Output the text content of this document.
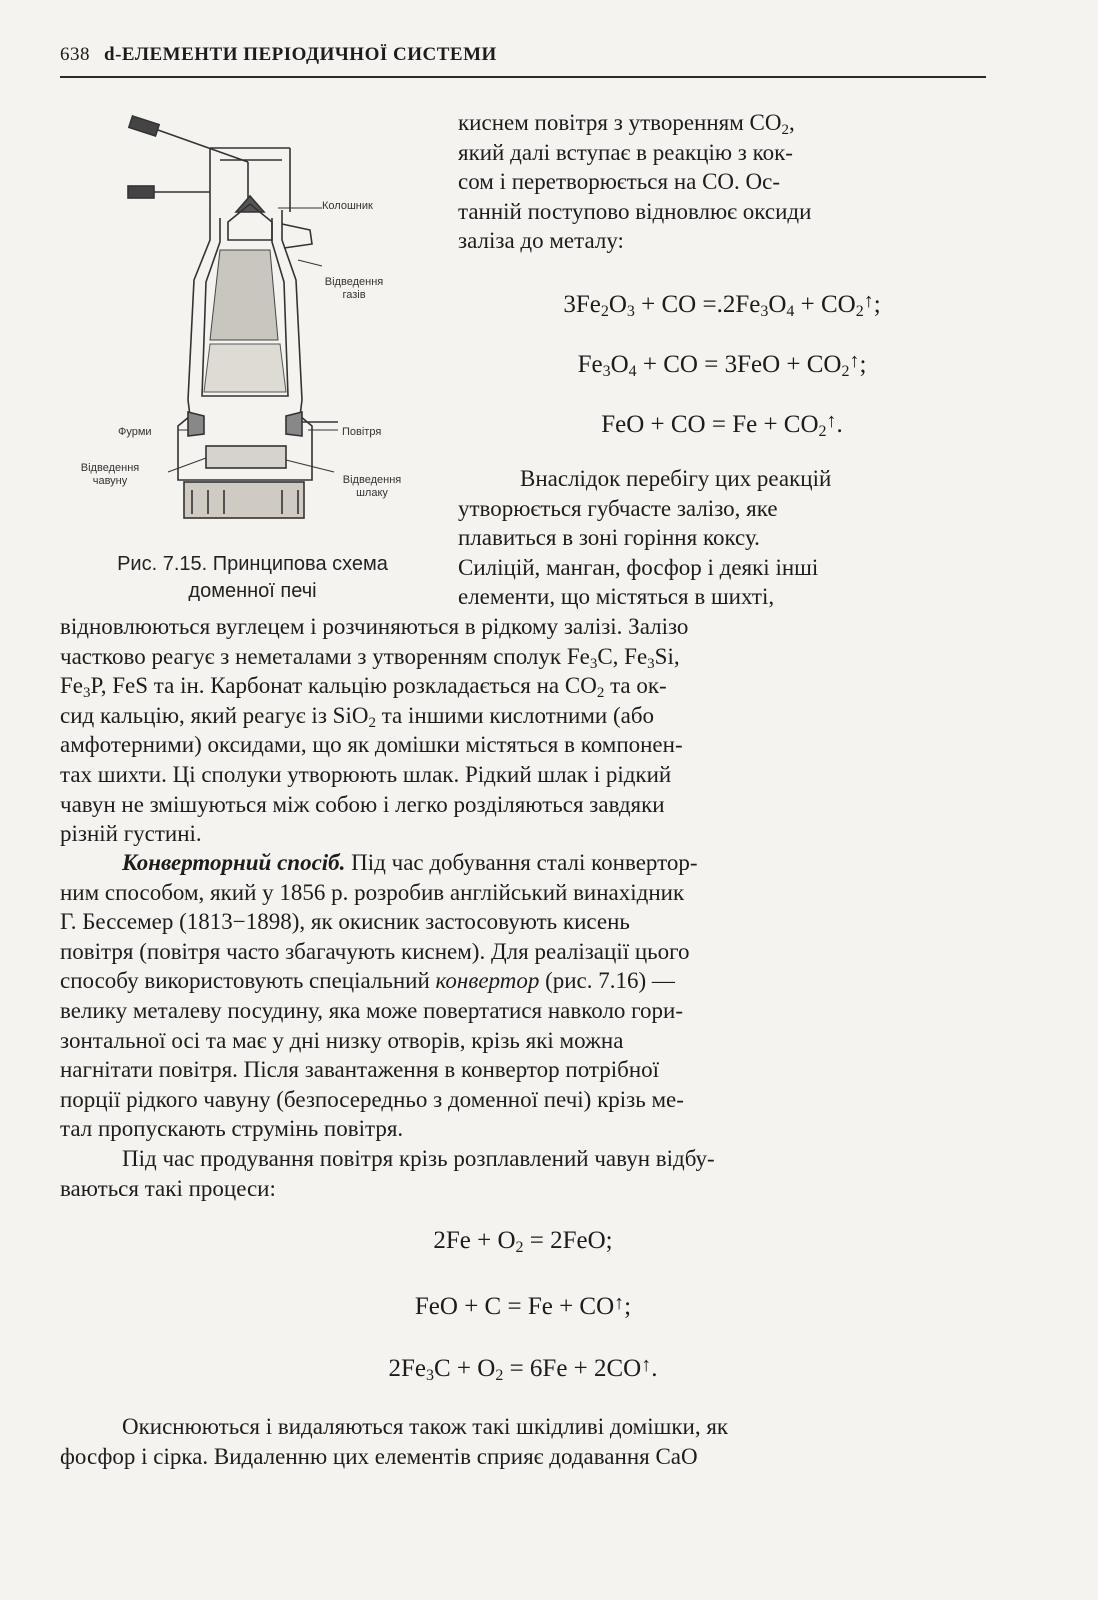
638 d-ЕЛЕМЕНТИ ПЕРІОДИЧНОЇ СИСТЕМИ
Колошник
Відведення
газів
Фурми	Повітря
Відведення
чавуну	Відведення
шлаку
Рис. 7.15. Принципова схема
доменної печі
киснем повітря з утворенням $CO_2$,
який далі вступає в реакцію з кок-
сом і перетворюється на CO. Ос-
танній поступово відновлює оксиди
заліза до металу:
$3Fe_2O_3$ + CO $=.2Fe_3O_4 + CO_2^↑$;
$Fe_3O_4$ + CO = $3FeO + CO_2^↑$;
FeO + CO = $Fe + CO_2^↑$.
Внаслідок перебігу цих реакцій
утворюється губчасте залізо, яке
плавиться в зоні горіння коксу.
Силіцій, манган, фосфор і деякі інші
елементи, що містяться в шихті,
відновлюються вуглецем і розчиняються в рідкому залізі. Залізо
частково реагує з неметалами з утворенням сполук $Fe_3C$, $Fe_3Si$,
$Fe_3P$, FeS та ін. Карбонат кальцію розкладається на $CO_2$ та ок-
сид кальцію, який реагує із SiO$_2$ та іншими кислотними (або
амфотерними) оксидами, що як домішки містяться в компонен-
тах шихти. Ці сполуки утворюють шлак. Рідкий шлак і рідкий
чавун не змішуються між собою і легко розділяються завдяки
різній густині.
Конверторний спосіб. Під час добування сталі конвертор-
ним способом, який у 1856 р. розробив англійський винахідник
Г. Бессемер (1813−1898), як окисник застосовують кисень
повітря (повітря часто збагачують киснем). Для реалізації цього
способу використовують спеціальний конвертор (рис. 7.16) —
велику металеву посудину, яка може повертатися навколо гори-
зонтальної осі та має у дні низку отворів, крізь які можна
нагнітати повітря. Після завантаження в конвертор потрібної
порції рідкого чавуну (безпосередньо з доменної печі) крізь ме-
тал пропускають струмінь повітря.
Під час продування повітря крізь розплавлений чавун відбу-
ваються такі процеси:
$2Fe + O_2 = 2FeO$;
FeO + C = Fe + CO↑;
$2Fe_3C + O_2 = 6Fe + 2CO^↑$.
Окиснюються і видаляються також такі шкідливі домішки, як
фосфор і сірка. Видаленню цих елементів сприяє додавання CaO
